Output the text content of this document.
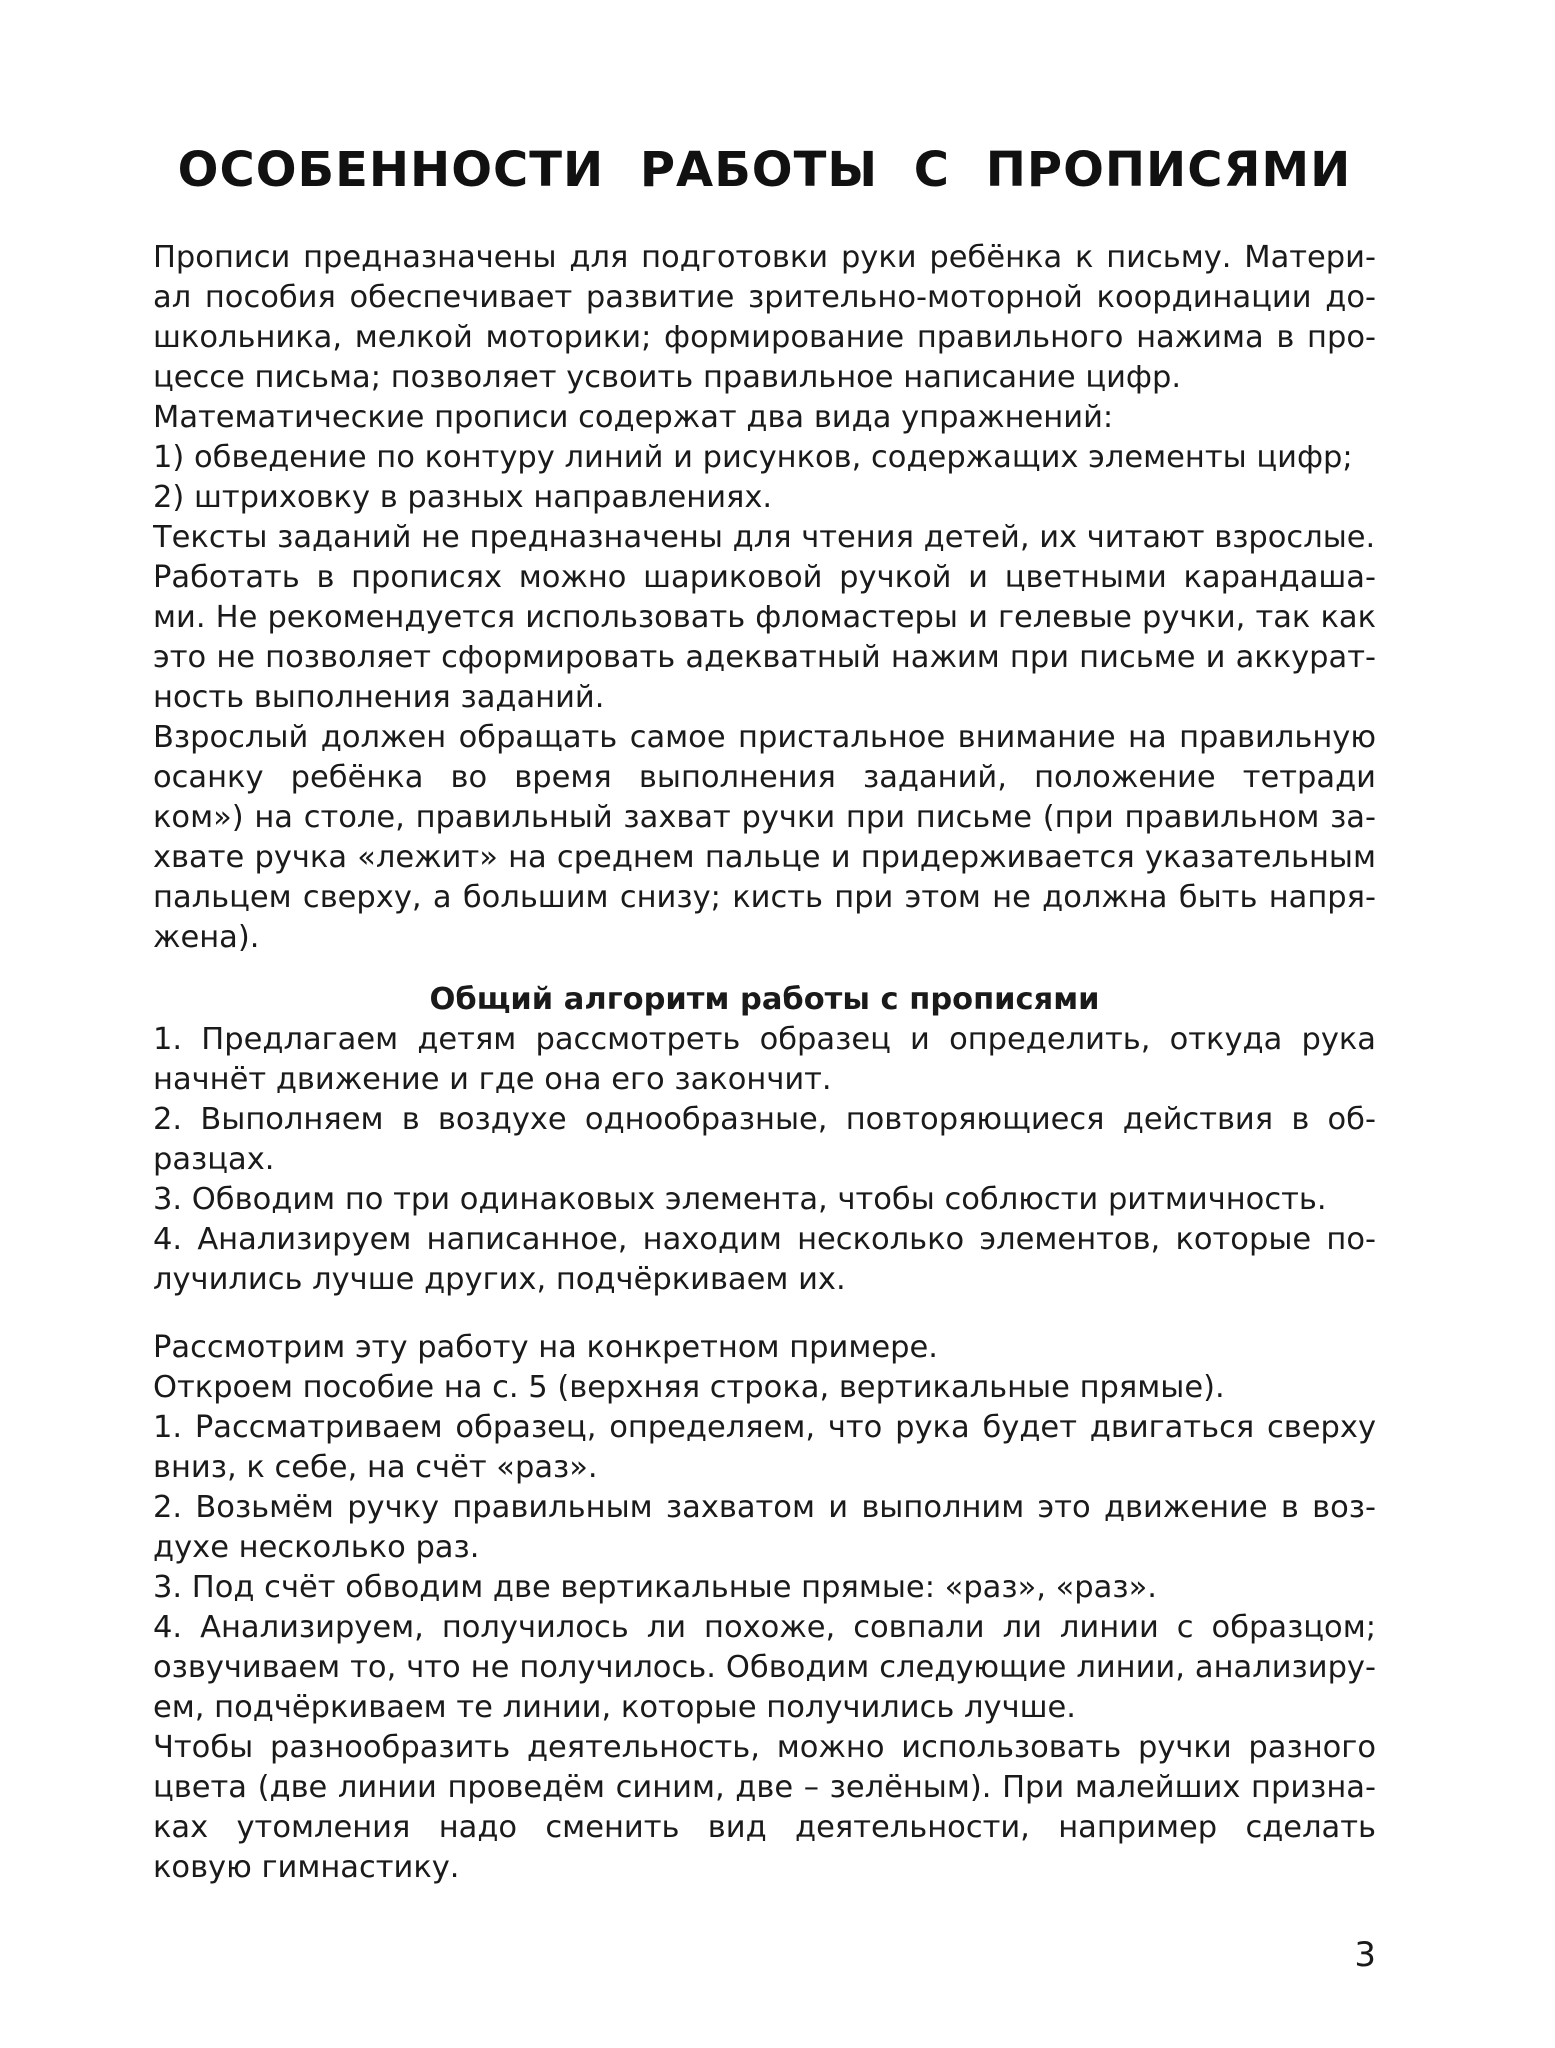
ОСОБЕННОСТИ РАБОТЫ С ПРОПИСЯМИ
Прописи предназначены для подготовки руки ребёнка к письму. Матери-
ал пособия обеспечивает развитие зрительно-моторной координации до-
школьника, мелкой моторики; формирование правильного нажима в про-
цессе письма; позволяет усвоить правильное написание цифр.
Математические прописи содержат два вида упражнений:
1) обведение по контуру линий и рисунков, содержащих элементы цифр;
2) штриховку в разных направлениях.
Тексты заданий не предназначены для чтения детей, их читают взрослые.
Работать в прописях можно шариковой ручкой и цветными карандаша-
ми. Не рекомендуется использовать фломастеры и гелевые ручки, так как
это не позволяет сформировать адекватный нажим при письме и аккурат-
ность выполнения заданий.
Взрослый должен обращать самое пристальное внимание на правильную
осанку ребёнка во время выполнения заданий, положение тетради
ком») на столе, правильный захват ручки при письме (при правильном за-
хвате ручка «лежит» на среднем пальце и придерживается указательным
пальцем сверху, а большим снизу; кисть при этом не должна быть напря-
жена).
Общий алгоритм работы с прописями
1. Предлагаем детям рассмотреть образец и определить, откуда рука
начнёт движение и где она его закончит.
2. Выполняем в воздухе однообразные, повторяющиеся действия в об-
разцах.
3. Обводим по три одинаковых элемента, чтобы соблюсти ритмичность.
4. Анализируем написанное, находим несколько элементов, которые по-
лучились лучше других, подчёркиваем их.
Рассмотрим эту работу на конкретном примере.
Откроем пособие на с. 5 (верхняя строка, вертикальные прямые).
1. Рассматриваем образец, определяем, что рука будет двигаться сверху
вниз, к себе, на счёт «раз».
2. Возьмём ручку правильным захватом и выполним это движение в воз-
духе несколько раз.
3. Под счёт обводим две вертикальные прямые: «раз», «раз».
4. Анализируем, получилось ли похоже, совпали ли линии с образцом;
озвучиваем то, что не получилось. Обводим следующие линии, анализиру-
ем, подчёркиваем те линии, которые получились лучше.
Чтобы разнообразить деятельность, можно использовать ручки разного
цвета (две линии проведём синим, две – зелёным). При малейших призна-
ках утомления надо сменить вид деятельности, например сделать
ковую гимнастику.
3
